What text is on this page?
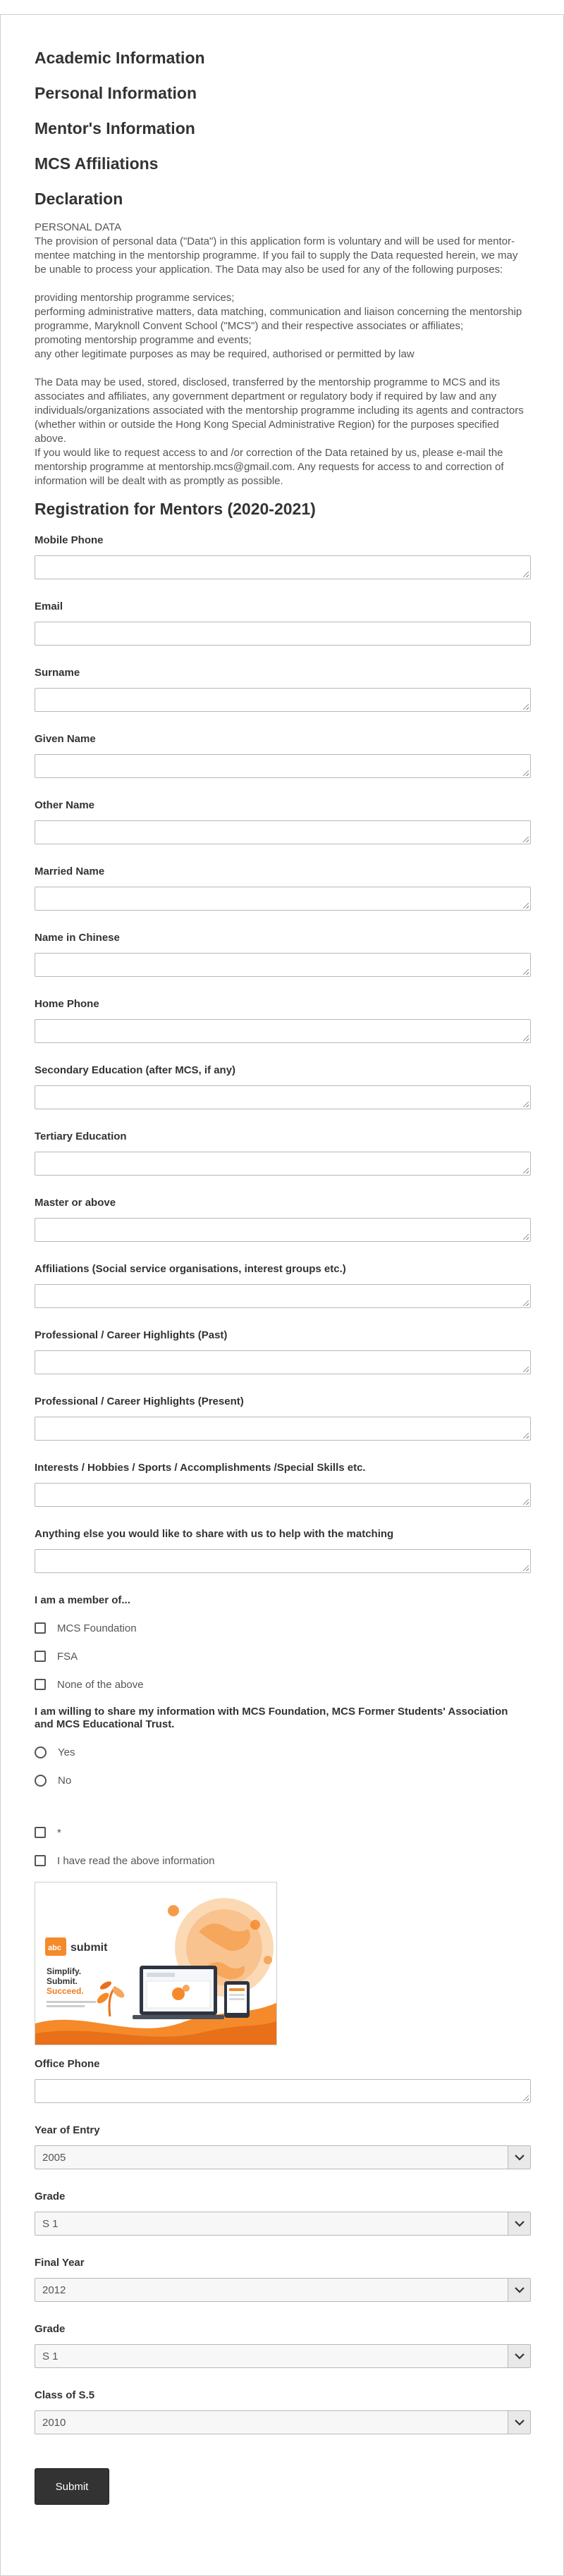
Academic Information
Personal Information
Mentor's Information
MCS Affiliations
Declaration

PERSONAL DATA

The provision of personal data ("Data") in this application form is voluntary and will be used for mentor-mentee matching in the mentorship programme. If you fail to supply the Data requested herein, we may be unable to process your application. The Data may also be used for any of the following purposes:

providing mentorship programme services;

performing administrative matters, data matching, communication and liaison concerning the mentorship programme, Maryknoll Convent School ("MCS") and their respective associates or affiliates;

promoting mentorship programme and events;

any other legitimate purposes as may be required, authorised or permitted by law

The Data may be used, stored, disclosed, transferred by the mentorship programme to MCS and its associates and affiliates, any government department or regulatory body if required by law and any individuals/organizations associated with the mentorship programme including its agents and contractors (whether within or outside the Hong Kong Special Administrative Region) for the purposes specified above.

If you would like to request access to and /or correction of the Data retained by us, please e-mail the mentorship programme at mentorship.mcs@gmail.com. Any requests for access to and correction of information will be dealt with as promptly as possible.

Registration for Mentors (2020-2021)
Mobile Phone
Email
Surname
Given Name
Other Name
Married Name
Name in Chinese
Home Phone
Secondary Education (after MCS, if any)
Tertiary Education
Master or above
Affiliations (Social service organisations, interest groups etc.)
Professional / Career Highlights (Past)
Professional / Career Highlights (Present)
Interests / Hobbies / Sports / Accomplishments /Special Skills etc.
Anything else you would like to share with us to help with the matching
I am a member of...
MCS Foundation
FSA
None of the above
I am willing to share my information with MCS Foundation, MCS Former Students' Association and MCS Educational Trust.
Yes
No
*
I have read the above information
abc submit
Simplify.
Submit.
Succeed.
Office Phone
Year of Entry
2005
Grade
S 1
Final Year
2012
Grade
S 1
Class of S.5
2010
Submit
